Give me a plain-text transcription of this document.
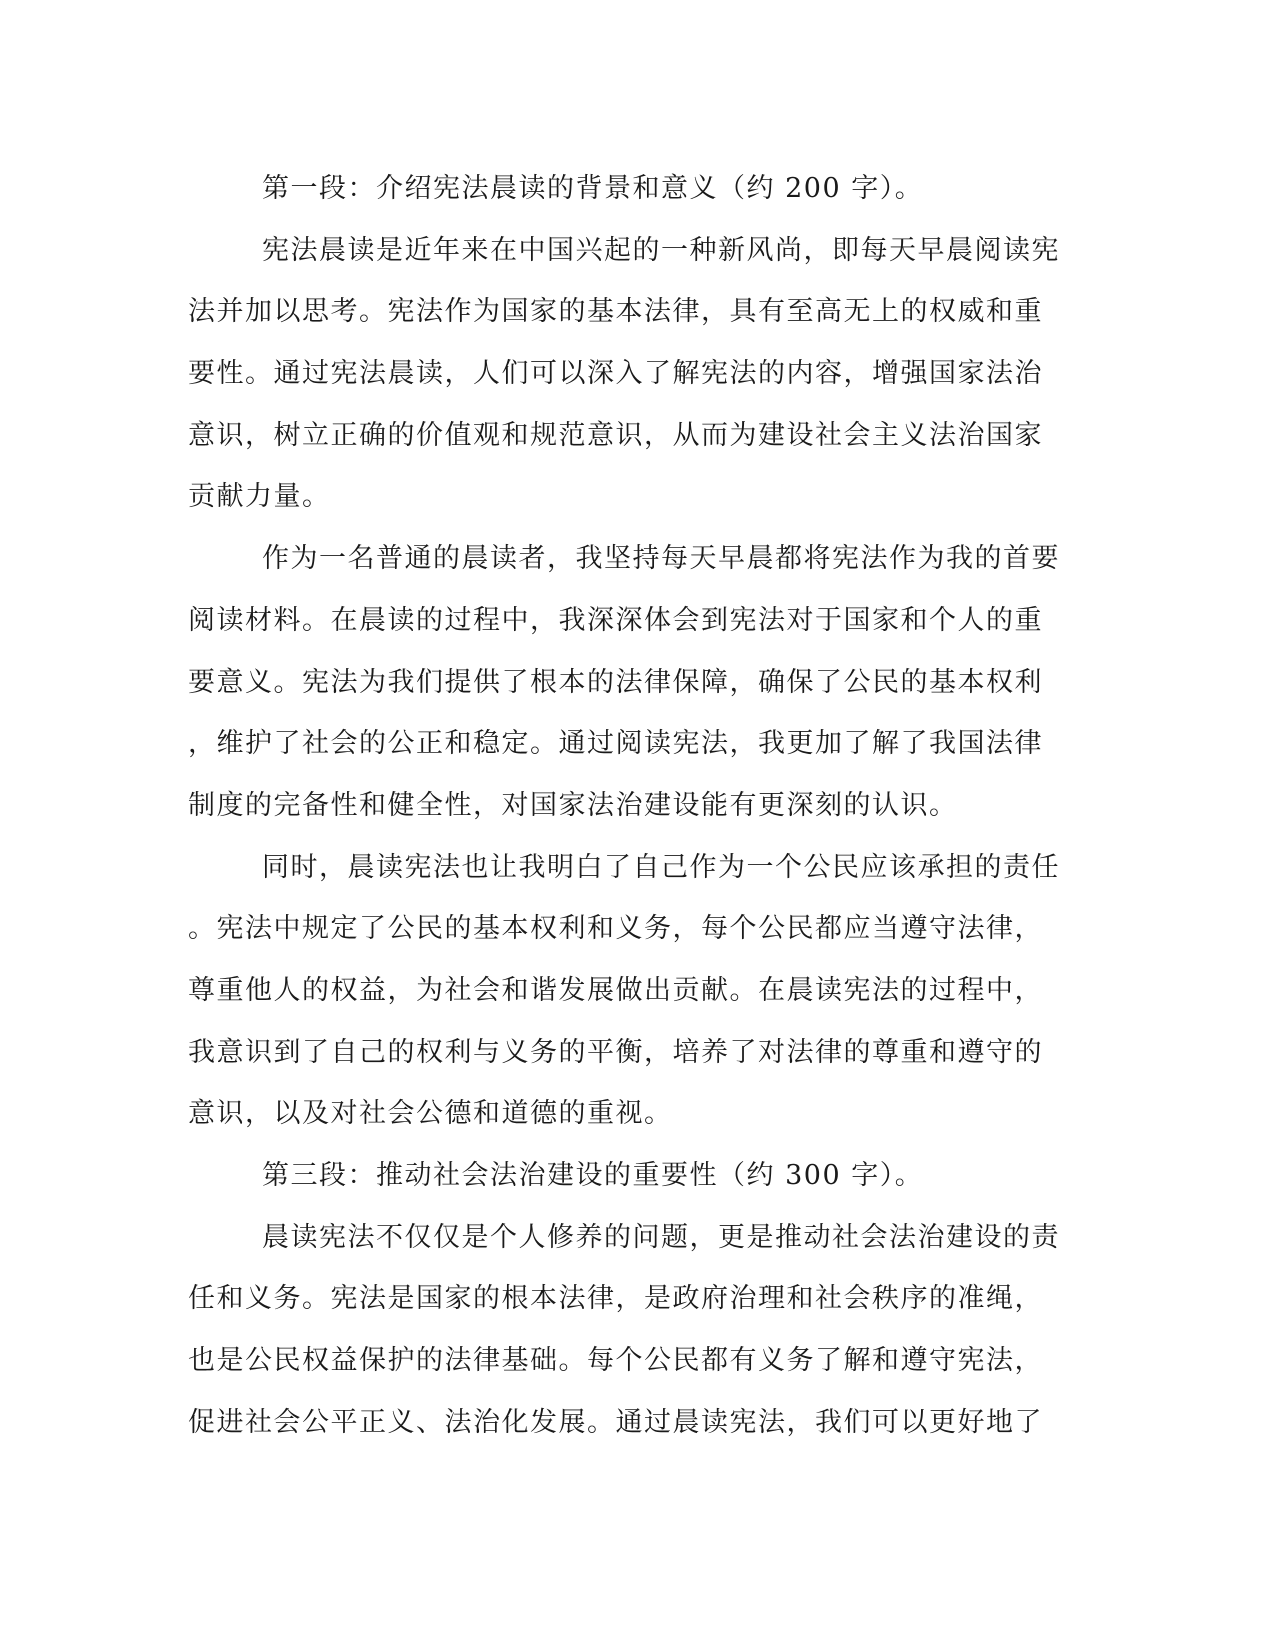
第一段：介绍宪法晨读的背景和意义（约 200 字）。
宪法晨读是近年来在中国兴起的一种新风尚，即每天早晨阅读宪
法并加以思考。宪法作为国家的基本法律，具有至高无上的权威和重
要性。通过宪法晨读，人们可以深入了解宪法的内容，增强国家法治
意识，树立正确的价值观和规范意识，从而为建设社会主义法治国家
贡献力量。
作为一名普通的晨读者，我坚持每天早晨都将宪法作为我的首要
阅读材料。在晨读的过程中，我深深体会到宪法对于国家和个人的重
要意义。宪法为我们提供了根本的法律保障，确保了公民的基本权利
，维护了社会的公正和稳定。通过阅读宪法，我更加了解了我国法律
制度的完备性和健全性，对国家法治建设能有更深刻的认识。
同时，晨读宪法也让我明白了自己作为一个公民应该承担的责任
。宪法中规定了公民的基本权利和义务，每个公民都应当遵守法律，
尊重他人的权益，为社会和谐发展做出贡献。在晨读宪法的过程中，
我意识到了自己的权利与义务的平衡，培养了对法律的尊重和遵守的
意识，以及对社会公德和道德的重视。
第三段：推动社会法治建设的重要性（约 300 字）。
晨读宪法不仅仅是个人修养的问题，更是推动社会法治建设的责
任和义务。宪法是国家的根本法律，是政府治理和社会秩序的准绳，
也是公民权益保护的法律基础。每个公民都有义务了解和遵守宪法，
促进社会公平正义、法治化发展。通过晨读宪法，我们可以更好地了
